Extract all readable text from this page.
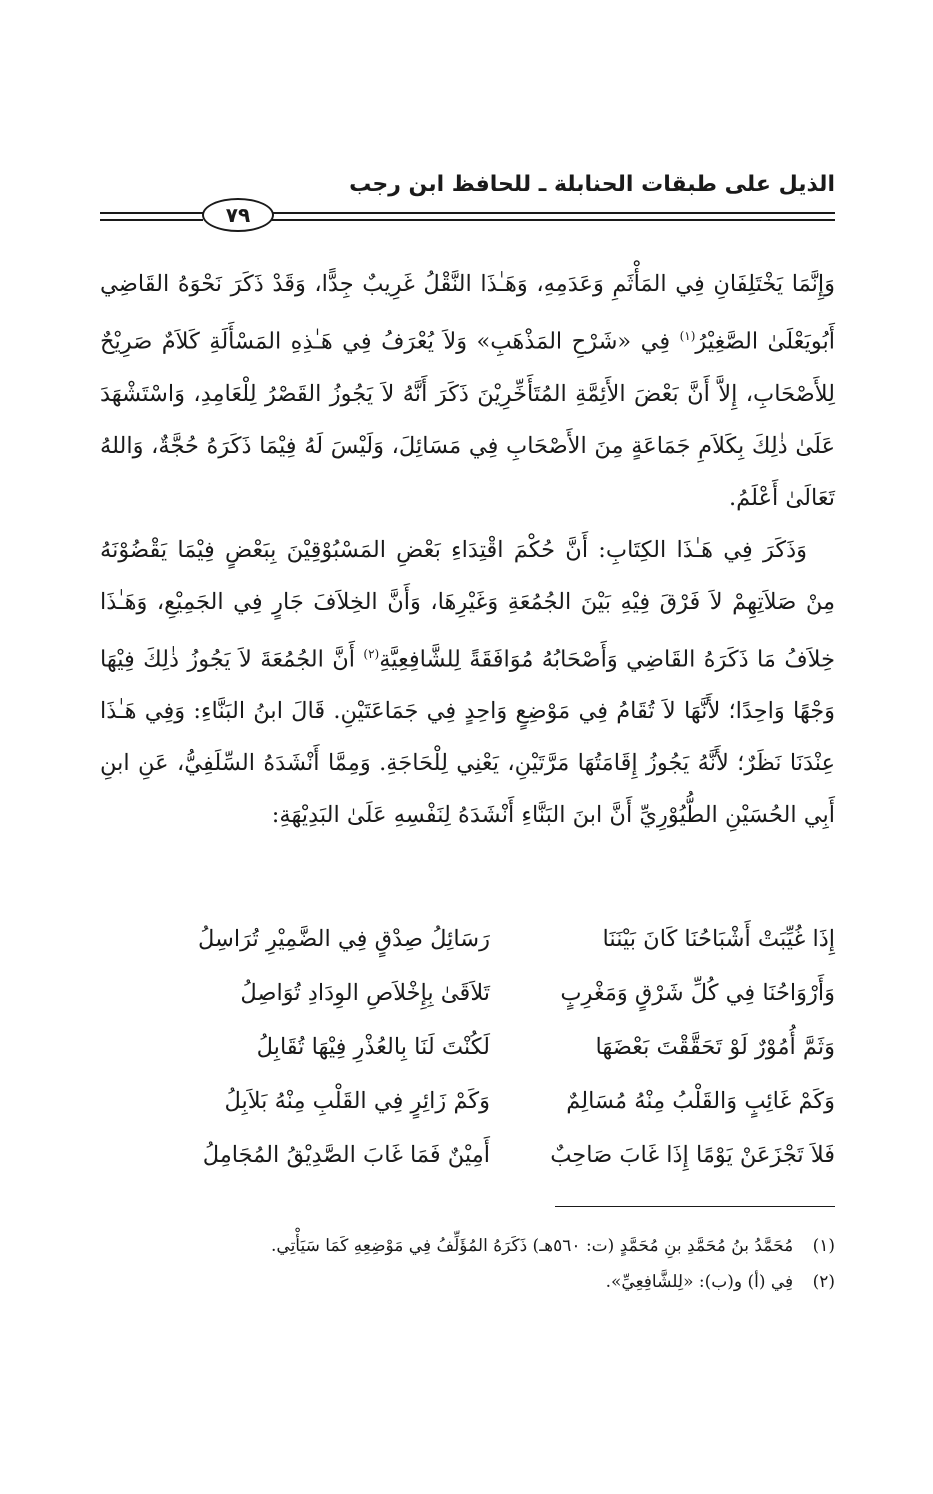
الذيل على طبقات الحنابلة ـ للحافظ ابن رجب
٧٩

وَإِنَّمَا يَخْتَلِفَانِ فِي المَأْثَمِ وَعَدَمِهِ، وَهَـٰذَا النَّقْلُ غَرِيبٌ جِدًّا، وَقَدْ ذَكَرَ نَحْوَهُ القَاضِي أَبُويَعْلَىٰ الصَّغِيْرُ$^{(١)}$ فِي «شَرْحِ المَذْهَبِ» وَلاَ يُعْرَفُ فِي هَـٰذِهِ المَسْأَلَةِ كَلاَمٌ صَرِيْحٌ لِلأَصْحَابِ، إِلاَّ أَنَّ بَعْضَ الأَئِمَّةِ المُتَأَخِّرِيْنَ ذَكَرَ أَنَّهُ لاَ يَجُوزُ القَصْرُ لِلْعَامِدِ، وَاسْتَشْهَدَ عَلَىٰ ذٰلِكَ بِكَلاَمِ جَمَاعَةٍ مِنَ الأَصْحَابِ فِي مَسَائِلَ، وَلَيْسَ لَهُ فِيْمَا ذَكَرَهُ حُجَّةٌ، وَاللهُ تَعَالَىٰ أَعْلَمُ.

وَذَكَرَ فِي هَـٰذَا الكِتَابِ: أَنَّ حُكْمَ اقْتِدَاءِ بَعْضِ المَسْبُوْقِيْنَ بِبَعْضٍ فِيْمَا يَقْضُوْنَهُ مِنْ صَلاَتِهِمْ لاَ فَرْقَ فِيْهِ بَيْنَ الجُمُعَةِ وَغَيْرِهَا، وَأَنَّ الخِلاَفَ جَارٍ فِي الجَمِيْعِ، وَهَـٰذَا خِلاَفُ مَا ذَكَرَهُ القَاضِي وَأَصْحَابُهُ مُوَافَقَةً لِلشَّافِعِيَّةِ$^{(٢)}$ أَنَّ الجُمُعَةَ لاَ يَجُوزُ ذٰلِكَ فِيْهَا وَجْهًا وَاحِدًا؛ لأَنَّهَا لاَ تُقَامُ فِي مَوْضِعٍ وَاحِدٍ فِي جَمَاعَتَيْنِ. قَالَ ابنُ البَنَّاءِ: وَفِي هَـٰذَا عِنْدَنَا نَظَرٌ؛ لأَنَّهُ يَجُوزُ إِقَامَتُهَا مَرَّتَيْنِ، يَعْنِي لِلْحَاجَةِ. وَمِمَّا أَنْشَدَهُ السِّلَفِيُّ، عَنِ ابنِ أَبِي الحُسَيْنِ الطُّيُوْرِيِّ أَنَّ ابنَ البَنَّاءِ أَنْشَدَهُ لِنَفْسِهِ عَلَىٰ البَدِيْهَةِ:

إِذَا غُيِّبَتْ أَشْبَاحُنَا كَانَ بَيْنَنَا
رَسَائِلُ صِدْقٍ فِي الضَّمِيْرِ تُرَاسِلُ
وَأَرْوَاحُنَا فِي كُلِّ شَرْقٍ وَمَغْرِبٍ
تَلاَقَىٰ بِإِخْلاَصِ الوِدَادِ تُوَاصِلُ
وَثَمَّ أُمُوْرٌ لَوْ تَحَقَّقْتَ بَعْضَهَا
لَكُنْتَ لَنَا بِالعُذْرِ فِيْهَا تُقَابِلُ
وَكَمْ غَائِبٍ وَالقَلْبُ مِنْهُ مُسَالِمٌ
وَكَمْ زَائِرٍ فِي القَلْبِ مِنْهُ بَلاَبِلُ
فَلاَ تَجْزَعَنْ يَوْمًا إِذَا غَابَ صَاحِبٌ
أَمِيْنٌ فَمَا غَابَ الصَّدِيْقُ المُجَامِلُ
(١) مُحَمَّدُ بنُ مُحَمَّدِ بنِ مُحَمَّدٍ (ت: ٥٦٠هـ) ذَكَرَهُ المُؤَلِّفُ فِي مَوْضِعِهِ كَمَا سَيَأْتِي.
(٢) فِي (أ) و(ب): «لِلشَّافِعِيِّ».
